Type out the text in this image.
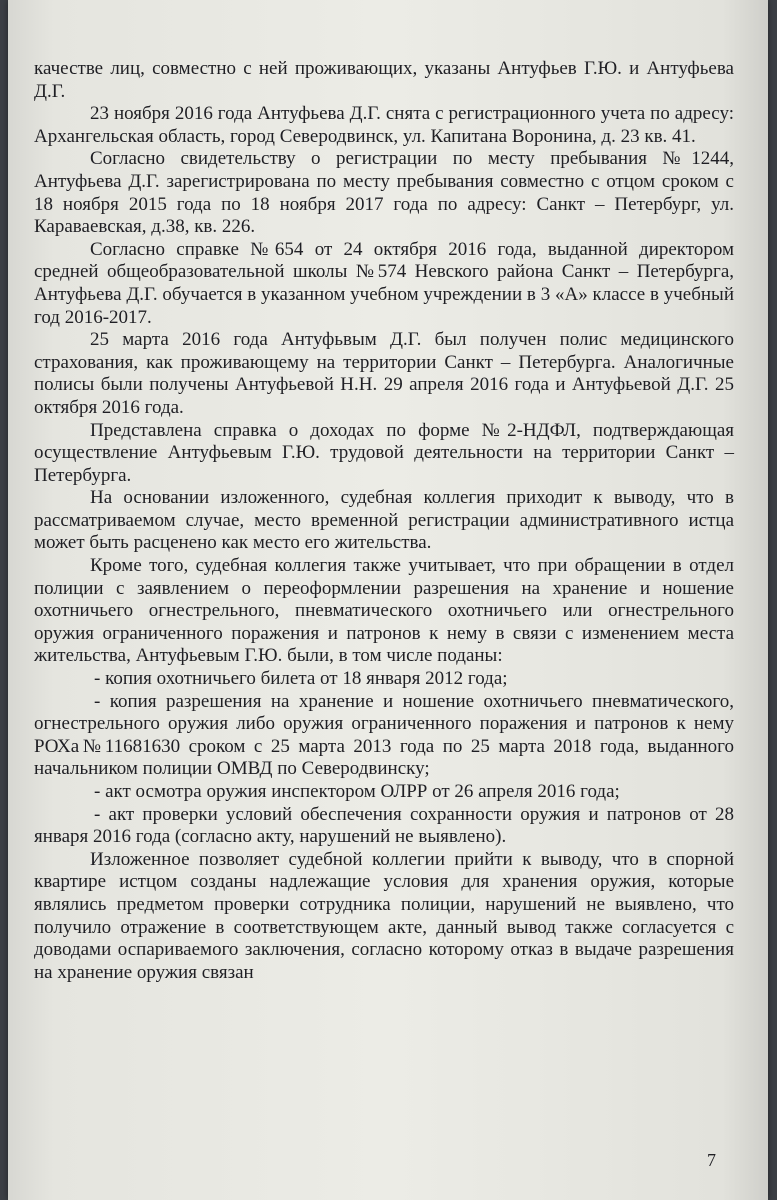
качестве лиц, совместно с ней проживающих, указаны Антуфьев Г.Ю. и Антуфьева Д.Г.

23 ноября 2016 года Антуфьева Д.Г. снята с регистрационного учета по адресу: Архангельская область, город Северодвинск, ул. Капитана Воронина, д. 23 кв. 41.

Согласно свидетельству о регистрации по месту пребывания №1244, Антуфьева Д.Г. зарегистрирована по месту пребывания совместно с отцом сроком с 18 ноября 2015 года по 18 ноября 2017 года по адресу: Санкт – Петербург, ул. Караваевская, д.38, кв. 226.

Согласно справке №654 от 24 октября 2016 года, выданной директором средней общеобразовательной школы №574 Невского района Санкт – Петербурга, Антуфьева Д.Г. обучается в указанном учебном учреждении в 3 «А» классе в учебный год 2016-2017.

25 марта 2016 года Антуфьвым Д.Г. был получен полис медицинского страхования, как проживающему на территории Санкт – Петербурга. Аналогичные полисы были получены Антуфьевой Н.Н. 29 апреля 2016 года и Антуфьевой Д.Г. 25 октября 2016 года.

Представлена справка о доходах по форме №2-НДФЛ, подтверждающая осуществление Антуфьевым Г.Ю. трудовой деятельности на территории Санкт – Петербурга.

На основании изложенного, судебная коллегия приходит к выводу, что в рассматриваемом случае, место временной регистрации административного истца может быть расценено как место его жительства.

Кроме того, судебная коллегия также учитывает, что при обращении в отдел полиции с заявлением о переоформлении разрешения на хранение и ношение охотничьего огнестрельного, пневматического охотничьего или огнестрельного оружия ограниченного поражения и патронов к нему в связи с изменением места жительства, Антуфьевым Г.Ю. были, в том числе поданы:

- копия охотничьего билета от 18 января 2012 года;

- копия разрешения на хранение и ношение охотничьего пневматического, огнестрельного оружия либо оружия ограниченного поражения и патронов к нему РОХа№11681630 сроком с 25 марта 2013 года по 25 марта 2018 года, выданного начальником полиции ОМВД по Северодвинску;

- акт осмотра оружия инспектором ОЛРР от 26 апреля 2016 года;

- акт проверки условий обеспечения сохранности оружия и патронов от 28 января 2016 года (согласно акту, нарушений не выявлено).

Изложенное позволяет судебной коллегии прийти к выводу, что в спорной квартире истцом созданы надлежащие условия для хранения оружия, которые являлись предметом проверки сотрудника полиции, нарушений не выявлено, что получило отражение в соответствующем акте, данный вывод также согласуется с доводами оспариваемого заключения, согласно которому отказ в выдаче разрешения на хранение оружия связан

7
